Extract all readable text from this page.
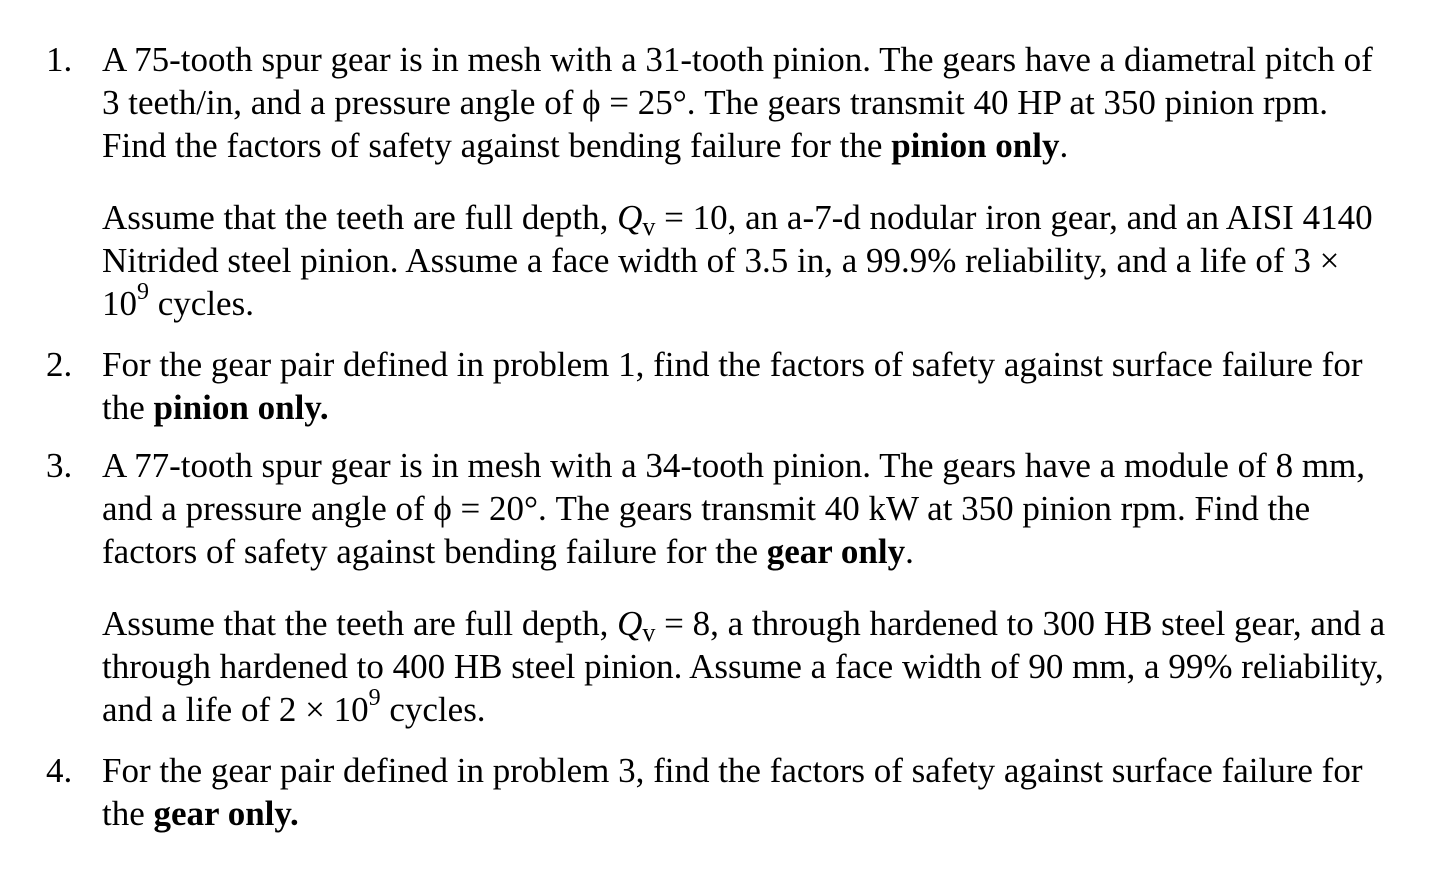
1. A 75-tooth spur gear is in mesh with a 31-tooth pinion. The gears have a diametral pitch of 3 teeth/in, and a pressure angle of ϕ = 25°. The gears transmit 40 HP at 350 pinion rpm. Find the factors of safety against bending failure for the pinion only.

Assume that the teeth are full depth, $Q_v = 10$, an a-7-d nodular iron gear, and an AISI 4140 Nitrided steel pinion. Assume a face width of 3.5 in, a 99.9% reliability, and a life of $3 \times 10^9$ cycles.

2. For the gear pair defined in problem 1, find the factors of safety against surface failure for the pinion only.

3. A 77-tooth spur gear is in mesh with a 34-tooth pinion. The gears have a module of 8 mm, and a pressure angle of ϕ = 20°. The gears transmit 40 kW at 350 pinion rpm. Find the factors of safety against bending failure for the gear only.

Assume that the teeth are full depth, $Q_v = 8$, a through hardened to 300 HB steel gear, and a through hardened to 400 HB steel pinion. Assume a face width of 90 mm, a 99% reliability, and a life of $2 \times 10^9$ cycles.

4. For the gear pair defined in problem 3, find the factors of safety against surface failure for the gear only.
